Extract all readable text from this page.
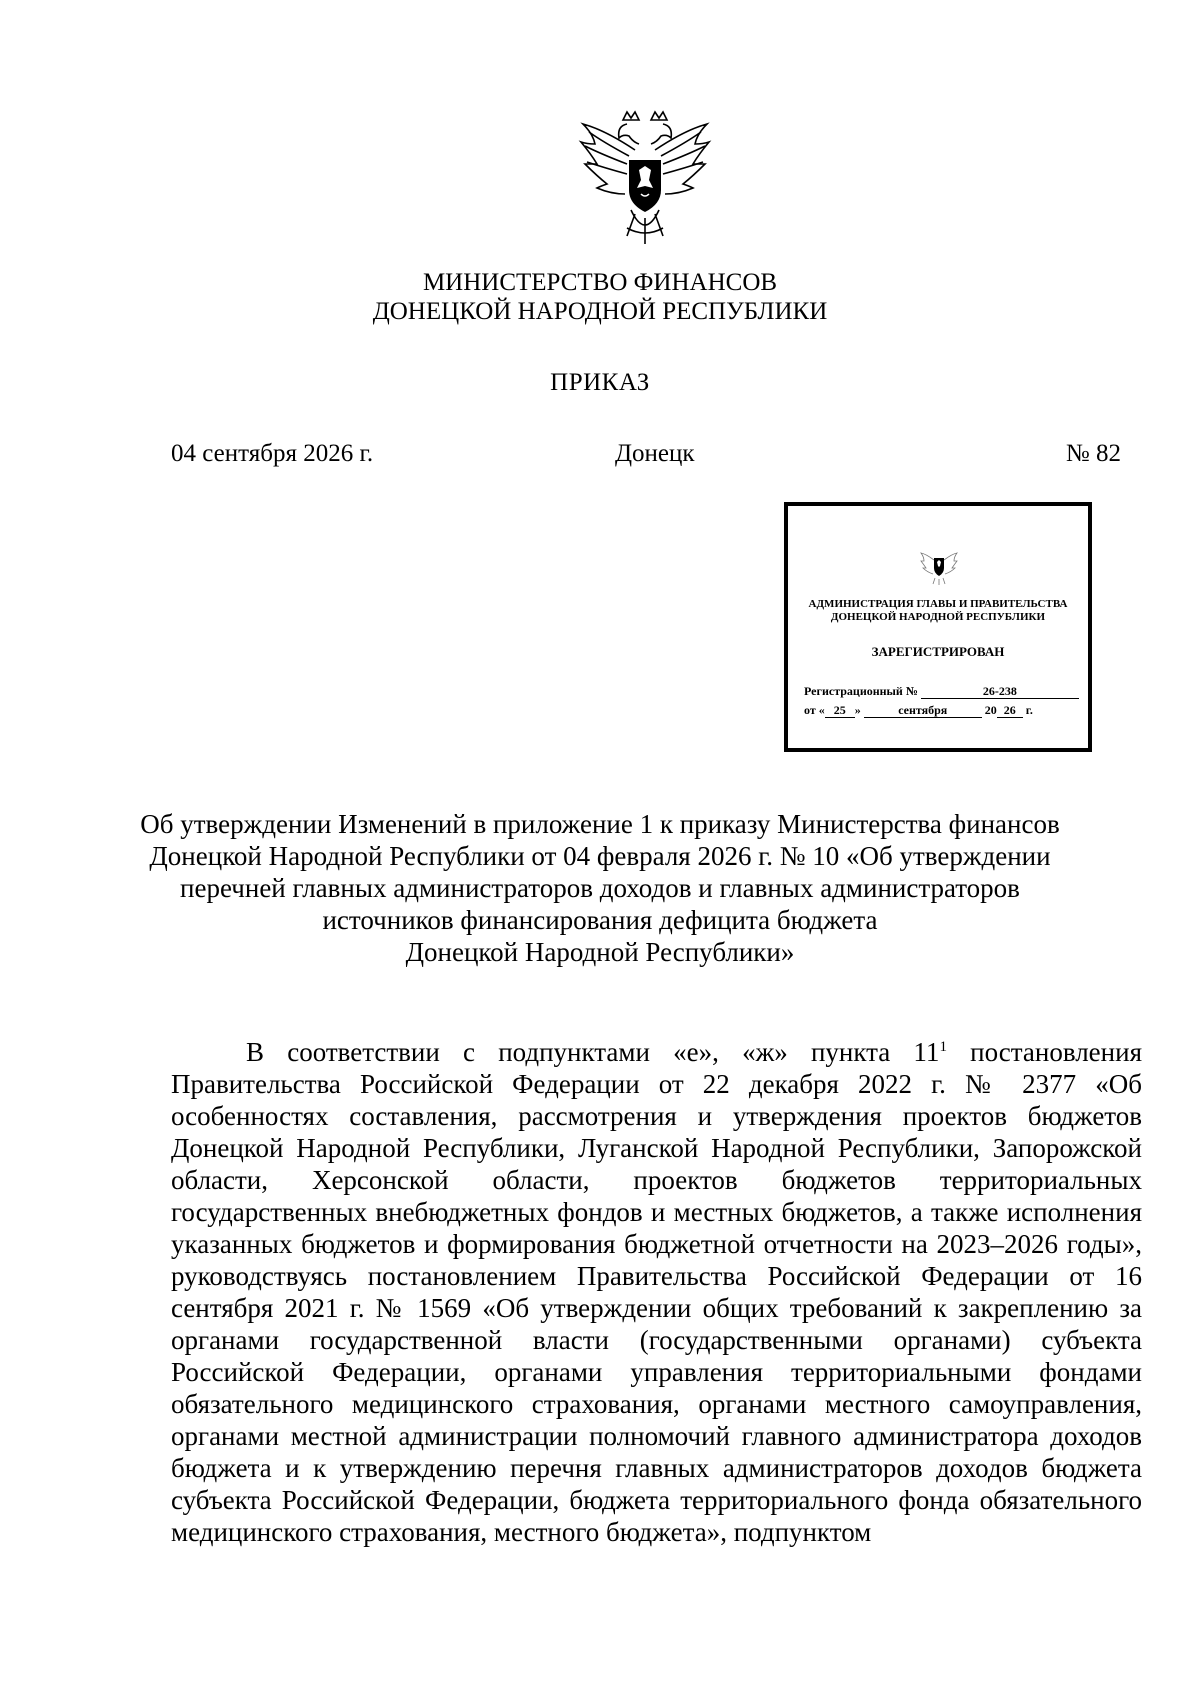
МИНИСТЕРСТВО ФИНАНСОВ
ДОНЕЦКОЙ НАРОДНОЙ РЕСПУБЛИКИ
ПРИКАЗ
04 сентября 2026 г.	Донецк	№ 82
АДМИНИСТРАЦИЯ ГЛАВЫ И ПРАВИТЕЛЬСТВА
ДОНЕЦКОЙ НАРОДНОЙ РЕСПУБЛИКИ
ЗАРЕГИСТРИРОВАН
Регистрационный №	26-238
от « 25 »	сентября	20 26 г.
Об утверждении Изменений в приложение 1 к приказу Министерства финансов
Донецкой Народной Республики от 04 февраля 2026 г. № 10 «Об утверждении
перечней главных администраторов доходов и главных администраторов
источников финансирования дефицита бюджета
Донецкой Народной Республики»

В соответствии с подпунктами «е», «ж» пункта $11^1$ постановления Правительства Российской Федерации от 22 декабря 2022 г. № 2377 «Об особенностях составления, рассмотрения и утверждения проектов бюджетов Донецкой Народной Республики, Луганской Народной Республики, Запорожской области, Херсонской области, проектов бюджетов территориальных государственных внебюджетных фондов и местных бюджетов, а также исполнения указанных бюджетов и формирования бюджетной отчетности на 2023–2026 годы», руководствуясь постановлением Правительства Российской Федерации от 16 сентября 2021 г. № 1569 «Об утверждении общих требований к закреплению за органами государственной власти (государственными органами) субъекта Российской Федерации, органами управления территориальными фондами обязательного медицинского страхования, органами местного самоуправления, органами местной администрации полномочий главного администратора доходов бюджета и к утверждению перечня главных администраторов доходов бюджета субъекта Российской Федерации, бюджета территориального фонда обязательного медицинского страхования, местного бюджета», подпунктом
